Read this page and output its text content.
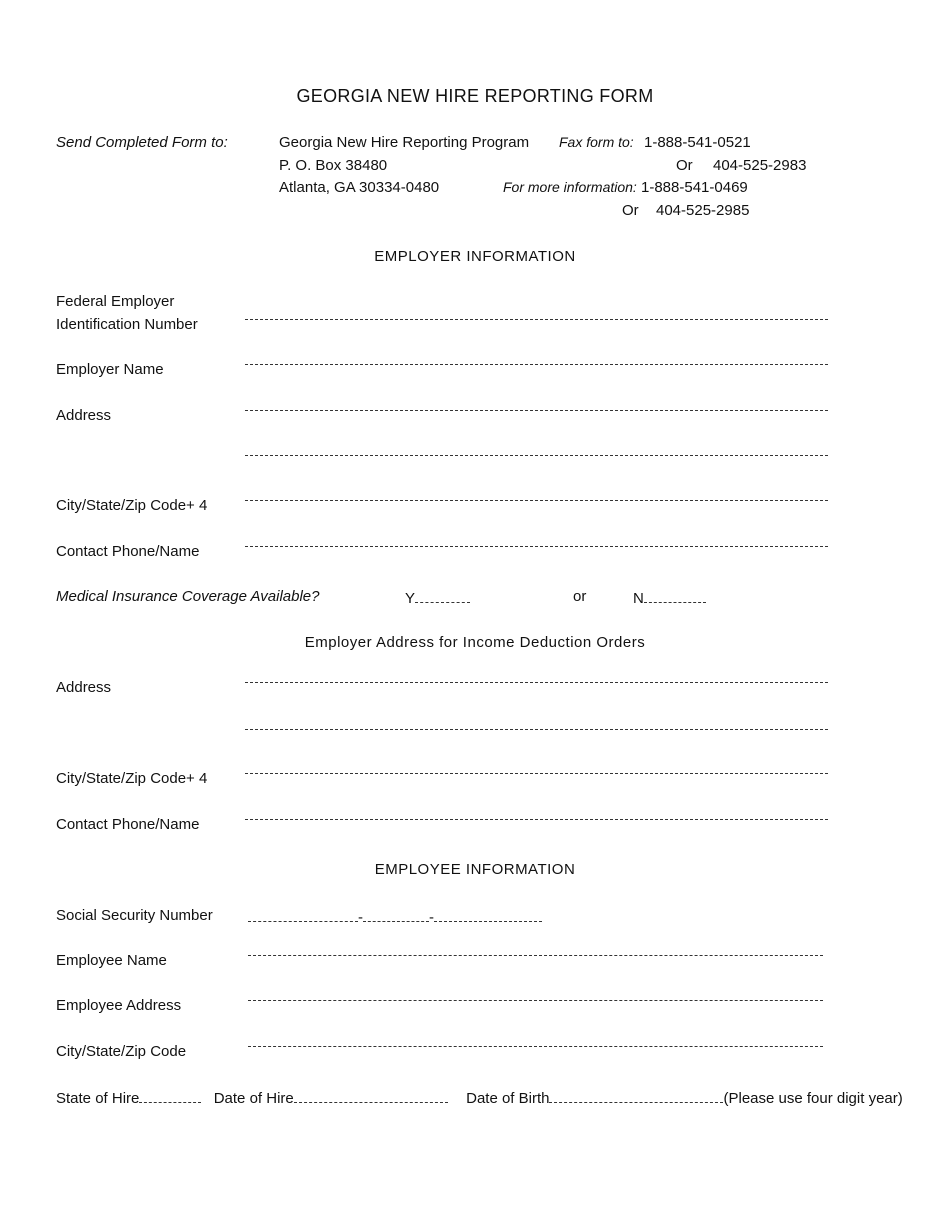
GEORGIA NEW HIRE REPORTING FORM
Send Completed Form to:	Georgia New Hire Reporting Program
P. O. Box 38480
Atlanta, GA 30334-0480
Fax form to: 1-888-541-0521
Or 404-525-2983
For more information: 1-888-541-0469
Or 404-525-2985
EMPLOYER INFORMATION
Federal Employer
Identification Number
Employer Name
Address
City/State/Zip Code+ 4
Contact Phone/Name
Medical Insurance Coverage Available?	Y	or	N
Employer Address for Income Deduction Orders
Address
City/State/Zip Code+ 4
Contact Phone/Name
EMPLOYEE INFORMATION
Social Security Number	-	-
Employee Name
Employee Address
City/State/Zip Code
State of Hire	Date of Hire	Date of Birth	(Please use four digit year)
